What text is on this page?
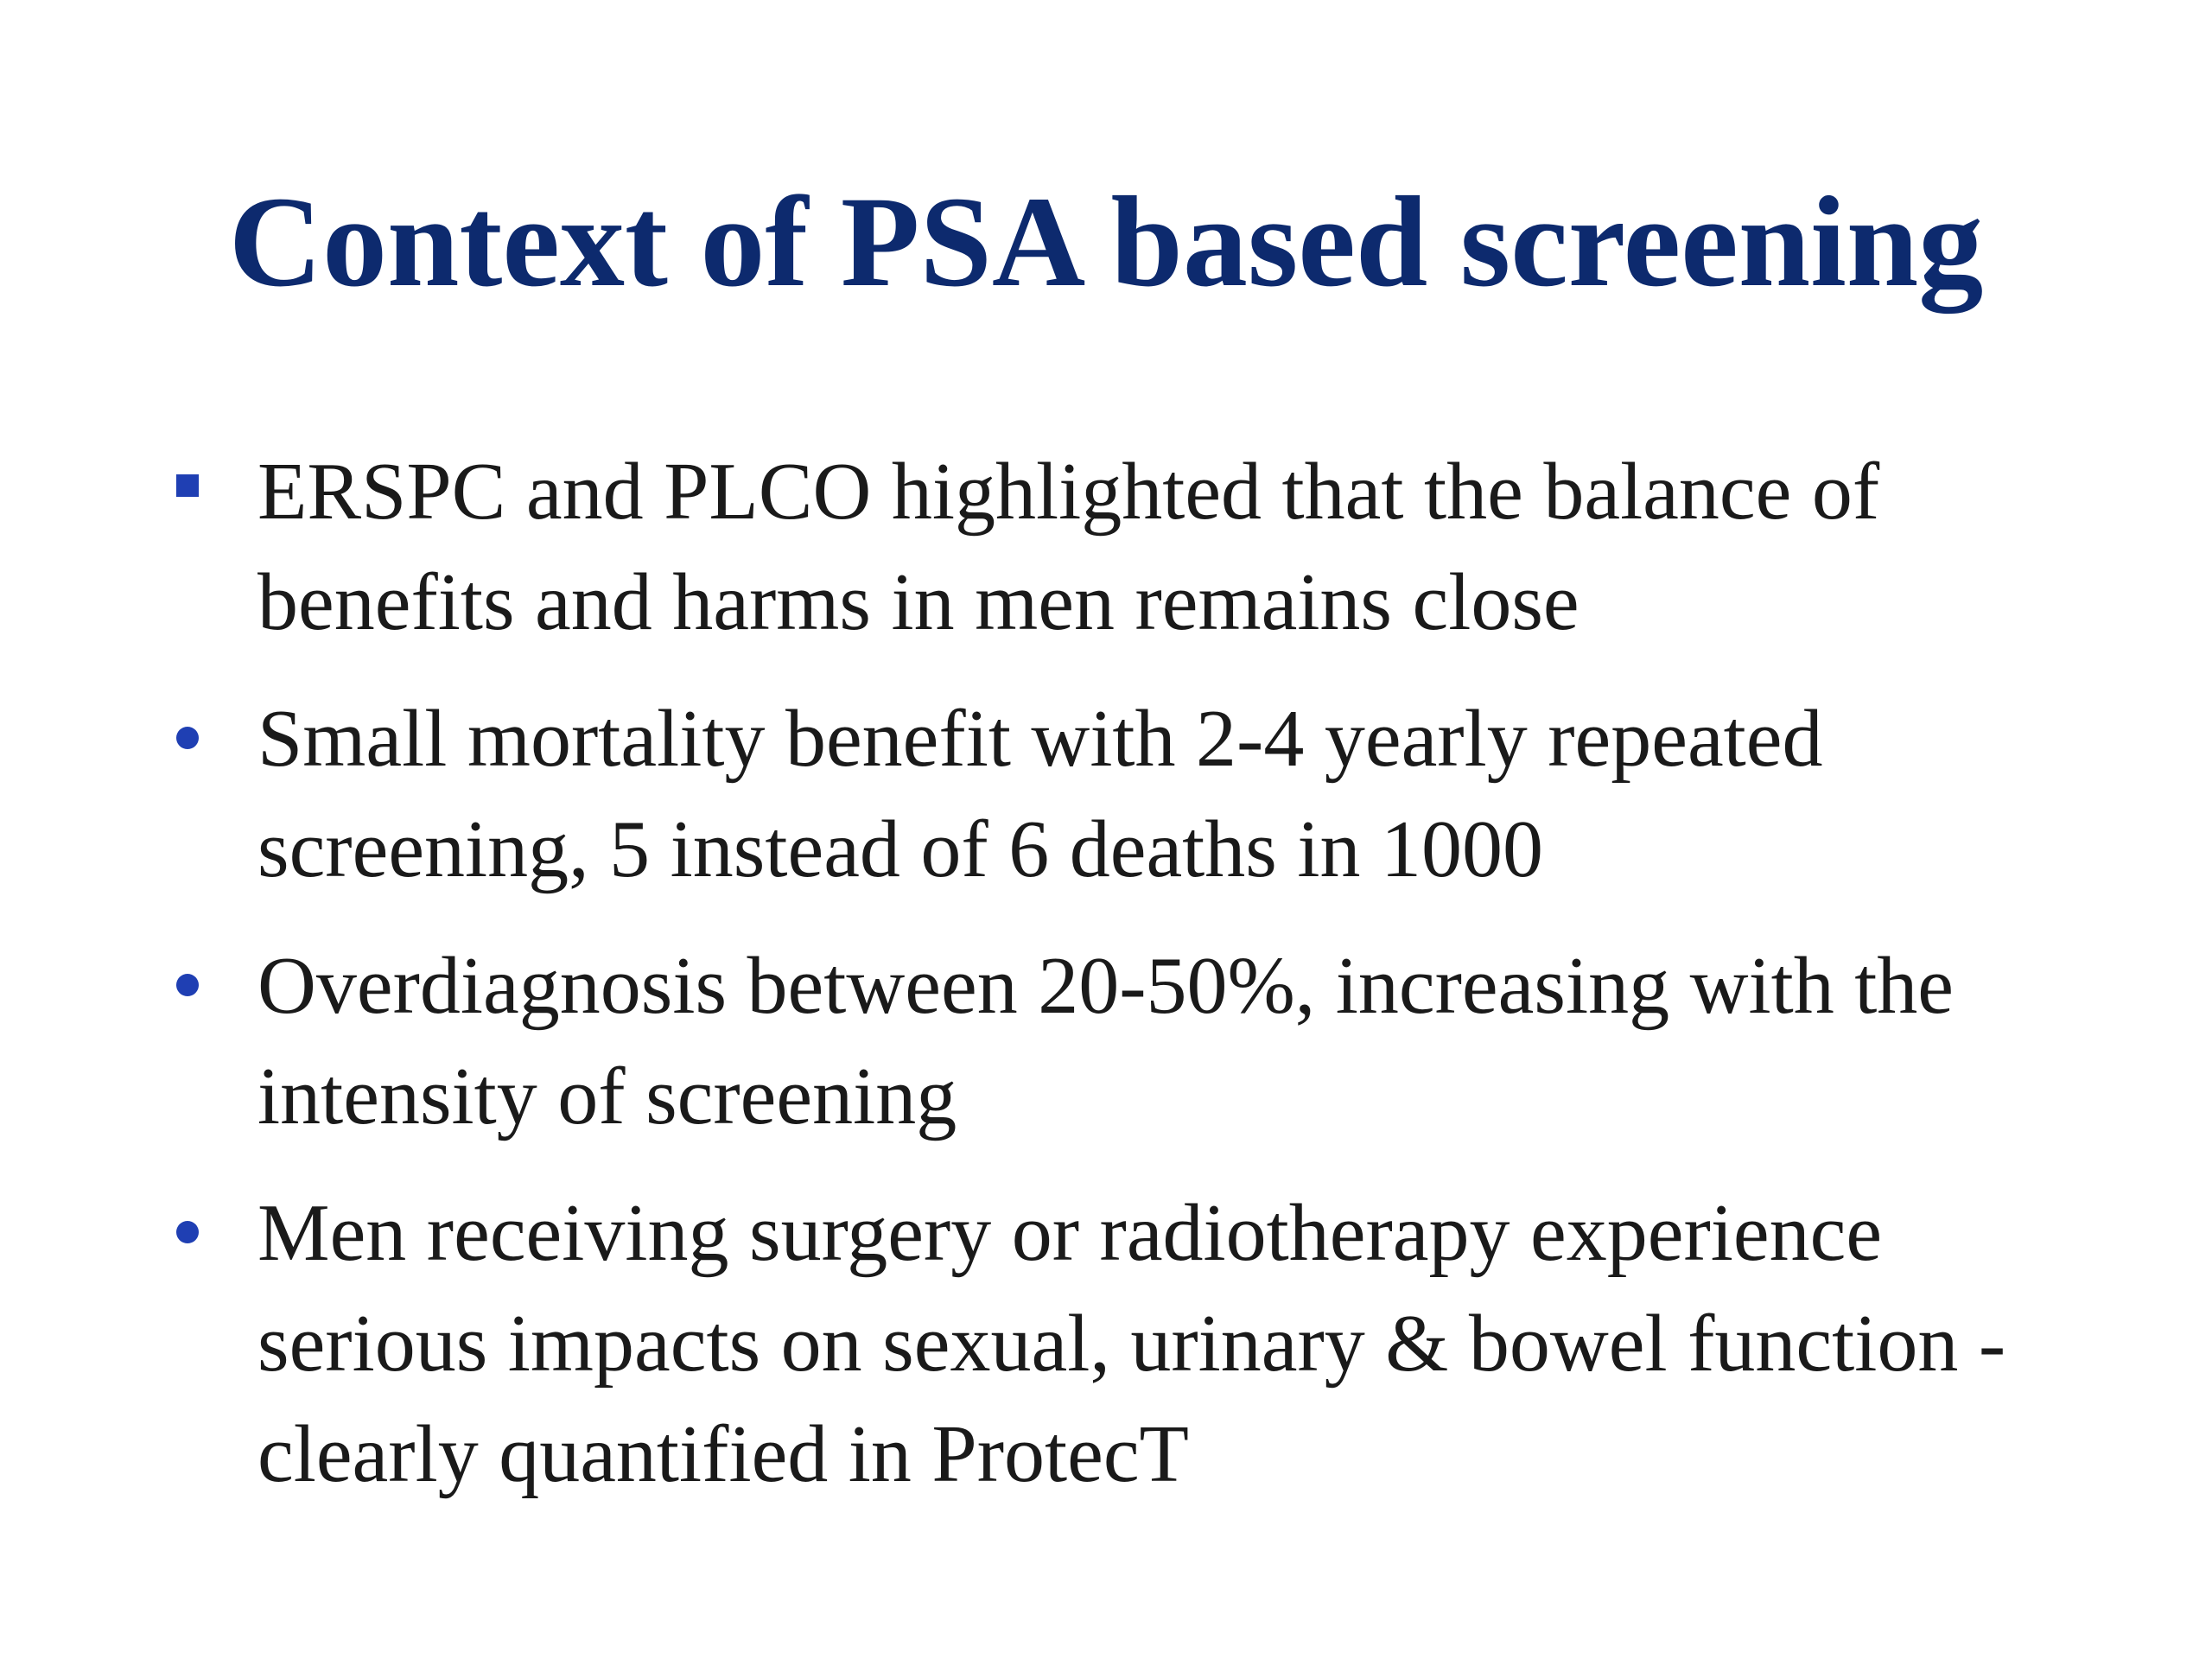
Context of PSA based screening
ERSPC and PLCO highlighted that the balance of benefits and harms in men remains close
Small mortality benefit with 2-4 yearly repeated screening, 5 instead of 6 deaths in 1000
Overdiagnosis between 20-50%, increasing with the intensity of screening
Men receiving surgery or radiotherapy experience serious impacts on sexual, urinary & bowel function - clearly quantified in ProtecT
